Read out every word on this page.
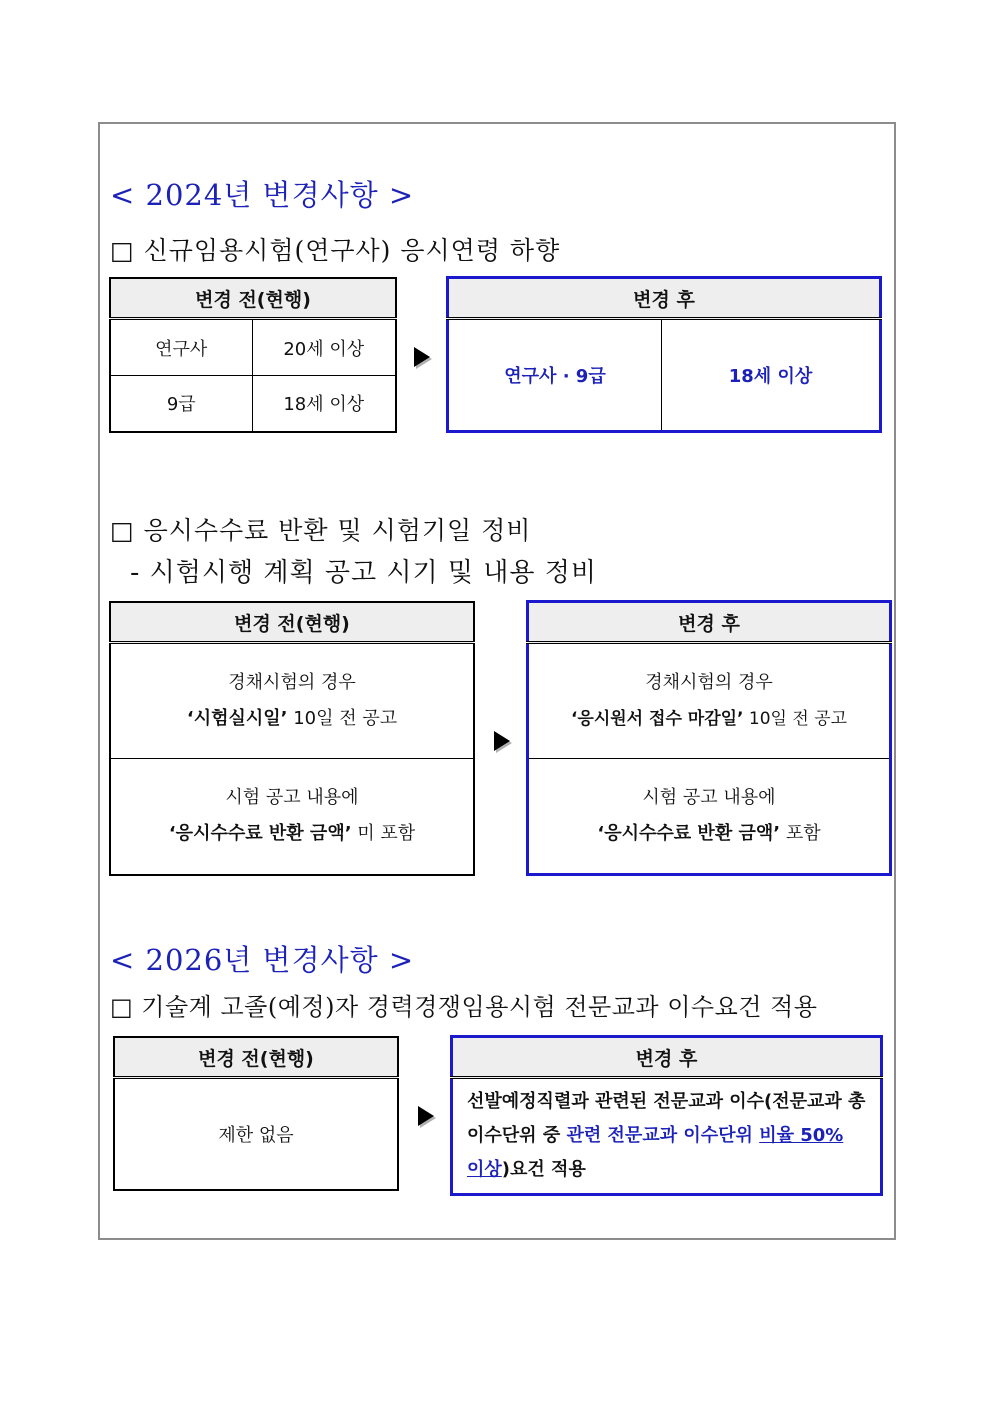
< 2024년 변경사항 >
□ 신규임용시험(연구사) 응시연령 하향
변경 전(현행)	
연구사	20세 이상
9급	18세 이상
변경 후
연구사 · 9급	18세 이상
□ 응시수수료 반환 및 시험기일 정비
- 시험시행 계획 공고 시기 및 내용 정비
변경 전(현행)

경채시험의 경우
‘시험실시일’ 10일 전 공고

시험 공고 내용에
‘응시수수료 반환 금액’ 미 포함
변경 후

경채시험의 경우
‘응시원서 접수 마감일’ 10일 전 공고

시험 공고 내용에
‘응시수수료 반환 금액’ 포함
< 2026년 변경사항 >
□ 기술계 고졸(예정)자 경력경쟁임용시험 전문교과 이수요건 적용
변경 전(현행)
제한 없음
변경 후
선발예정직렬과 관련된 전문교과 이수(전문교과 총 이수단위 중 관련 전문교과 이수단위 비율 50% 이상)요건 적용
